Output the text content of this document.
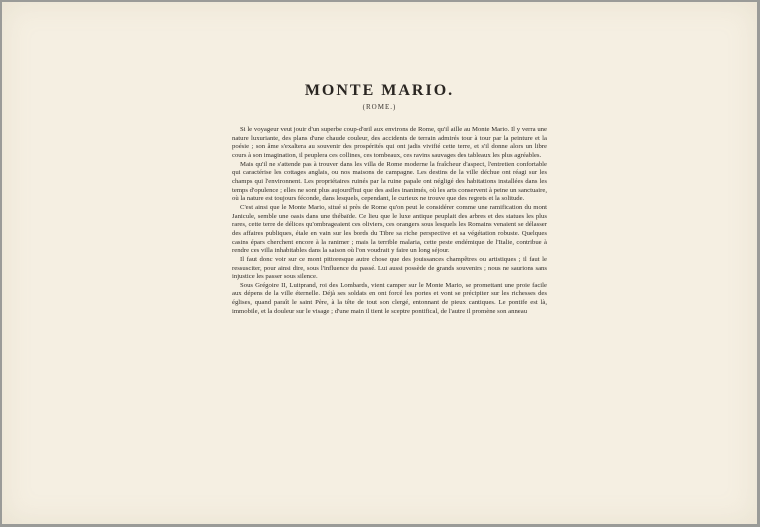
MONTE MARIO.
(ROME.)

Si le voyageur veut jouir d'un superbe coup-d'œil aux environs de Rome, qu'il aille au Monte Mario. Il y verra une nature luxuriante, des plans d'une chaude couleur, des accidents de terrain admirés tour à tour par la peinture et la poésie ; son âme s'exaltera au souvenir des prospérités qui ont jadis vivifié cette terre, et s'il donne alors un libre cours à son imagination, il peuplera ces collines, ces tombeaux, ces ravins sauvages des tableaux les plus agréables.

Mais qu'il ne s'attende pas à trouver dans les villa de Rome moderne la fraîcheur d'aspect, l'entretien confortable qui caractérise les cottages anglais, ou nos maisons de campagne. Les destins de la ville déchue ont réagi sur les champs qui l'environnent. Les propriétaires ruinés par la ruine papale ont négligé des habitations installées dans les temps d'opulence ; elles ne sont plus aujourd'hui que des asiles inanimés, où les arts conservent à peine un sanctuaire, où la nature est toujours féconde, dans lesquels, cependant, le curieux ne trouve que des regrets et la solitude.

C'est ainsi que le Monte Mario, situé si près de Rome qu'on peut le considérer comme une ramification du mont Janicule, semble une oasis dans une thébaïde. Ce lieu que le luxe antique peuplait des arbres et des statues les plus rares, cette terre de délices qu'ombrageaient ces oliviers, ces orangers sous lesquels les Romains venaient se délasser des affaires publiques, étale en vain sur les bords du Tibre sa riche perspective et sa végétation robuste. Quelques casins épars cherchent encore à la ranimer ; mais la terrible malaria, cette peste endémique de l'Italie, contribue à rendre ces villa inhabitables dans la saison où l'on voudrait y faire un long séjour.

Il faut donc voir sur ce mont pittoresque autre chose que des jouissances champêtres ou artistiques ; il faut le ressusciter, pour ainsi dire, sous l'influence du passé. Lui aussi possède de grands souvenirs ; nous ne saurions sans injustice les passer sous silence.

Sous Grégoire II, Luitprand, roi des Lombards, vient camper sur le Monte Mario, se promettant une proie facile aux dépens de la ville éternelle. Déjà ses soldats en ont forcé les portes et vont se précipiter sur les richesses des églises, quand paraît le saint Père, à la tête de tout son clergé, entonnant de pieux cantiques. Le pontife est là, immobile, et la douleur sur le visage ; d'une main il tient le sceptre pontifical, de l'autre il promène son anneau
